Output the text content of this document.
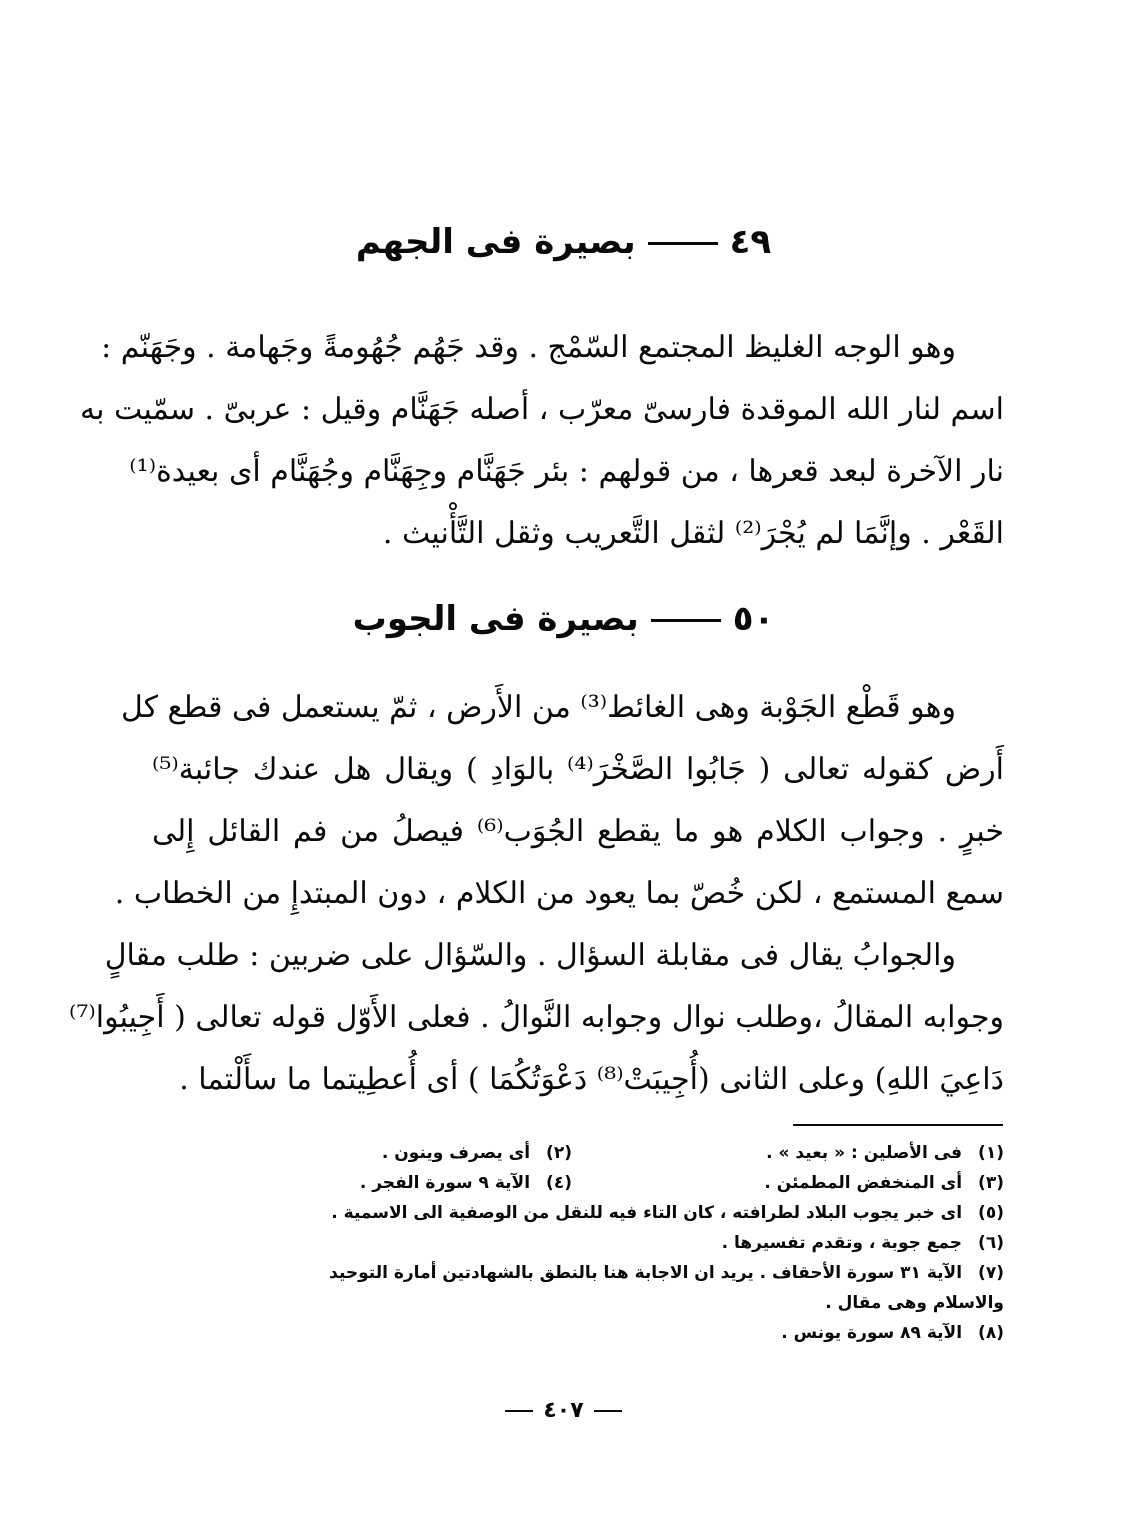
٤٩بصيرة فى الجهم
وهو الوجه الغليظ المجتمع السّمْج . وقد جَهُم جُهُومةً وجَهامة . وجَهَنّم :
اسم لنار الله الموقدة فارسىّ معرّب ، أصله جَهَنَّام وقيل : عربىّ . سمّيت به
نار الآخرة لبعد قعرها ، من قولهم : بئر جَهَنَّام وجِهَنَّام وجُهَنَّام أى بعيدة⁽¹⁾
القَعْر . وإنَّمَا لم يُجْرَ⁽²⁾ لثقل التَّعريب وثقل التَّأْنيث .
٥٠بصيرة فى الجوب
وهو قَطْع الجَوْبة وهى الغائط⁽³⁾ من الأَرض ، ثمّ يستعمل فى قطع كل
أَرض كقوله تعالى ( جَابُوا الصَّخْرَ⁽⁴⁾ بالوَادِ ) ويقال هل عندك جائبة⁽⁵⁾
خبرٍ . وجواب الكلام هو ما يقطع الجُوَب⁽⁶⁾ فيصلُ من فم القائل إِلى
سمع المستمع ، لكن خُصّ بما يعود من الكلام ، دون المبتدإِ من الخطاب .
والجوابُ يقال فى مقابلة السؤال . والسّؤال على ضربين : طلب مقالٍ
وجوابه المقالُ ،وطلب نوال وجوابه النَّوالُ . فعلى الأَوّل قوله تعالى ( أَجِيبُوا⁽⁷⁾
دَاعِيَ اللهِ) وعلى الثانى (أُجِيبَتْ⁽⁸⁾ دَعْوَتُكُمَا ) أى أُعطِيتما ما سأَلْتما .
(١)فى الأصلين : « بعيد » .(٢)أى يصرف وينون .
(٣)أى المنخفض المطمئن .(٤)الآية ٩ سورة الفجر .
(٥)اى خبر يجوب البلاد لطرافته ، كان التاء فيه للنقل من الوصفية الى الاسمية .
(٦)جمع جوبة ، وتقدم تفسيرها .
(٧)الآية ٣١ سورة الأحقاف . يريد ان الاجابة هنا بالنطق بالشهادتين أمارة التوحيد
والاسلام وهى مقال .
(٨)الآية ٨٩ سورة يونس .
٤٠٧
